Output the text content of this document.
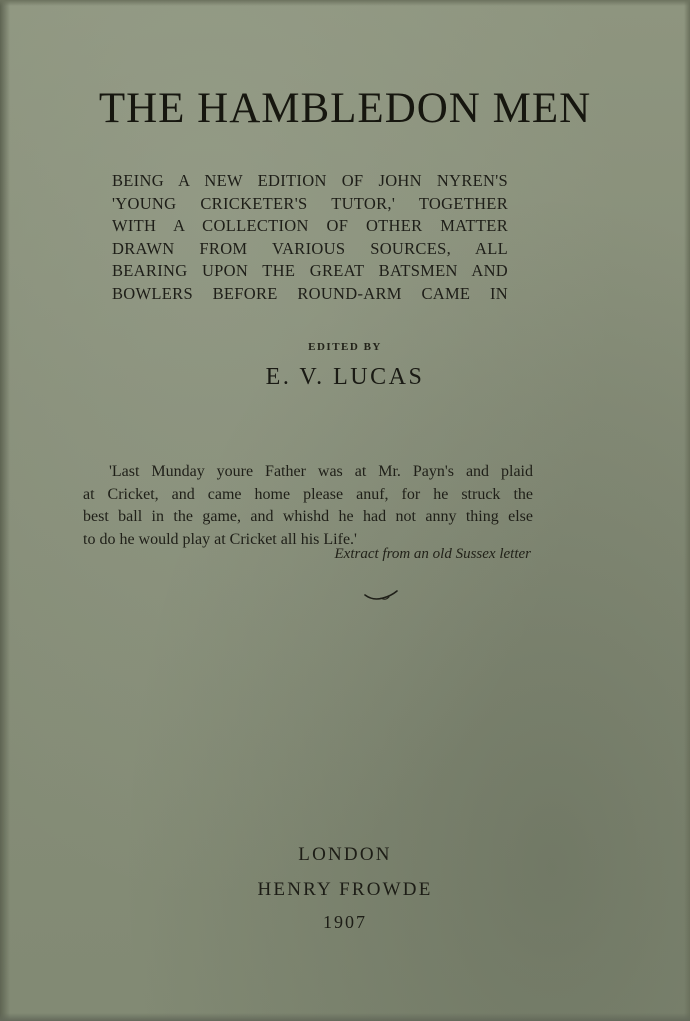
THE HAMBLEDON MEN
BEING A NEW EDITION OF JOHN NYREN'S
'YOUNG CRICKETER'S TUTOR,' TOGETHER
WITH A COLLECTION OF OTHER MATTER
DRAWN FROM VARIOUS SOURCES, ALL
BEARING UPON THE GREAT BATSMEN AND
BOWLERS BEFORE ROUND-ARM CAME IN
EDITED BY
E. V. LUCAS
'Last Munday youre Father was at Mr. Payn's and plaid
at Cricket, and came home please anuf, for he struck the
best ball in the game, and whishd he had not anny thing else
to do he would play at Cricket all his Life.'
Extract from an old Sussex letter
LONDON
HENRY FROWDE
1907
